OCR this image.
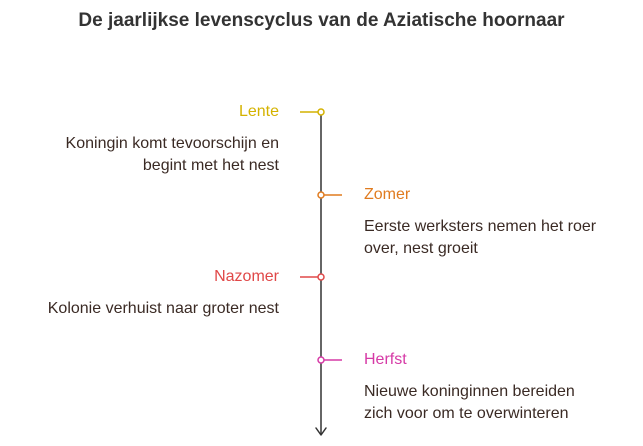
De jaarlijkse levenscyclus van de Aziatische hoornaar
Lente
Koningin komt tevoorschijn en
begint met het nest
Zomer
Eerste werksters nemen het roer
over, nest groeit
Nazomer
Kolonie verhuist naar groter nest
Herfst
Nieuwe koninginnen bereiden
zich voor om te overwinteren
